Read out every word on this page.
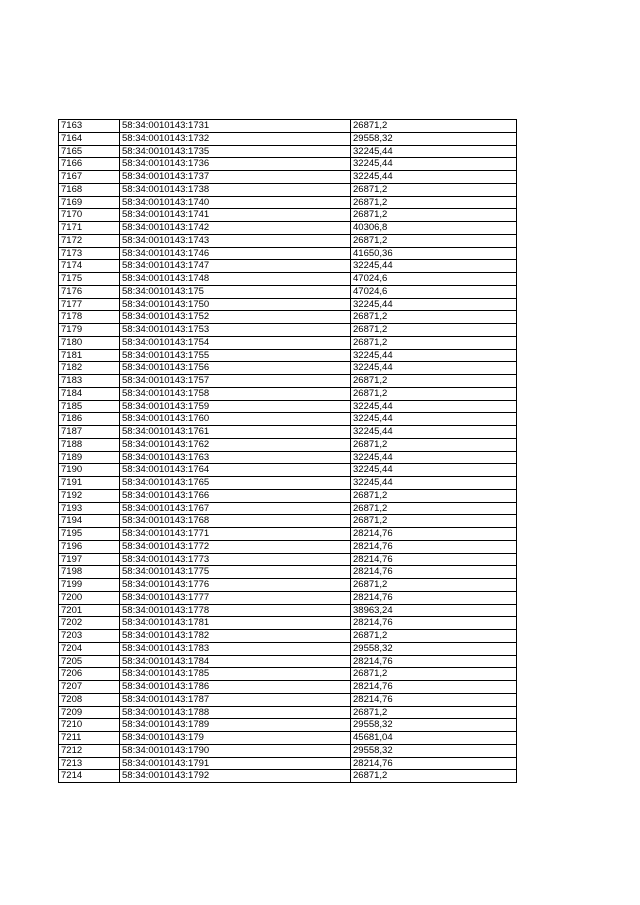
7163	58:34:0010143:1731	26871,2
7164	58:34:0010143:1732	29558,32
7165	58:34:0010143:1735	32245,44
7166	58:34:0010143:1736	32245,44
7167	58:34:0010143:1737	32245,44
7168	58:34:0010143:1738	26871,2
7169	58:34:0010143:1740	26871,2
7170	58:34:0010143:1741	26871,2
7171	58:34:0010143:1742	40306,8
7172	58:34:0010143:1743	26871,2
7173	58:34:0010143:1746	41650,36
7174	58:34:0010143:1747	32245,44
7175	58:34:0010143:1748	47024,6
7176	58:34:0010143:175	47024,6
7177	58:34:0010143:1750	32245,44
7178	58:34:0010143:1752	26871,2
7179	58:34:0010143:1753	26871,2
7180	58:34:0010143:1754	26871,2
7181	58:34:0010143:1755	32245,44
7182	58:34:0010143:1756	32245,44
7183	58:34:0010143:1757	26871,2
7184	58:34:0010143:1758	26871,2
7185	58:34:0010143:1759	32245,44
7186	58:34:0010143:1760	32245,44
7187	58:34:0010143:1761	32245,44
7188	58:34:0010143:1762	26871,2
7189	58:34:0010143:1763	32245,44
7190	58:34:0010143:1764	32245,44
7191	58:34:0010143:1765	32245,44
7192	58:34:0010143:1766	26871,2
7193	58:34:0010143:1767	26871,2
7194	58:34:0010143:1768	26871,2
7195	58:34:0010143:1771	28214,76
7196	58:34:0010143:1772	28214,76
7197	58:34:0010143:1773	28214,76
7198	58:34:0010143:1775	28214,76
7199	58:34:0010143:1776	26871,2
7200	58:34:0010143:1777	28214,76
7201	58:34:0010143:1778	38963,24
7202	58:34:0010143:1781	28214,76
7203	58:34:0010143:1782	26871,2
7204	58:34:0010143:1783	29558,32
7205	58:34:0010143:1784	28214,76
7206	58:34:0010143:1785	26871,2
7207	58:34:0010143:1786	28214,76
7208	58:34:0010143:1787	28214,76
7209	58:34:0010143:1788	26871,2
7210	58:34:0010143:1789	29558,32
7211	58:34:0010143:179	45681,04
7212	58:34:0010143:1790	29558,32
7213	58:34:0010143:1791	28214,76
7214	58:34:0010143:1792	26871,2
